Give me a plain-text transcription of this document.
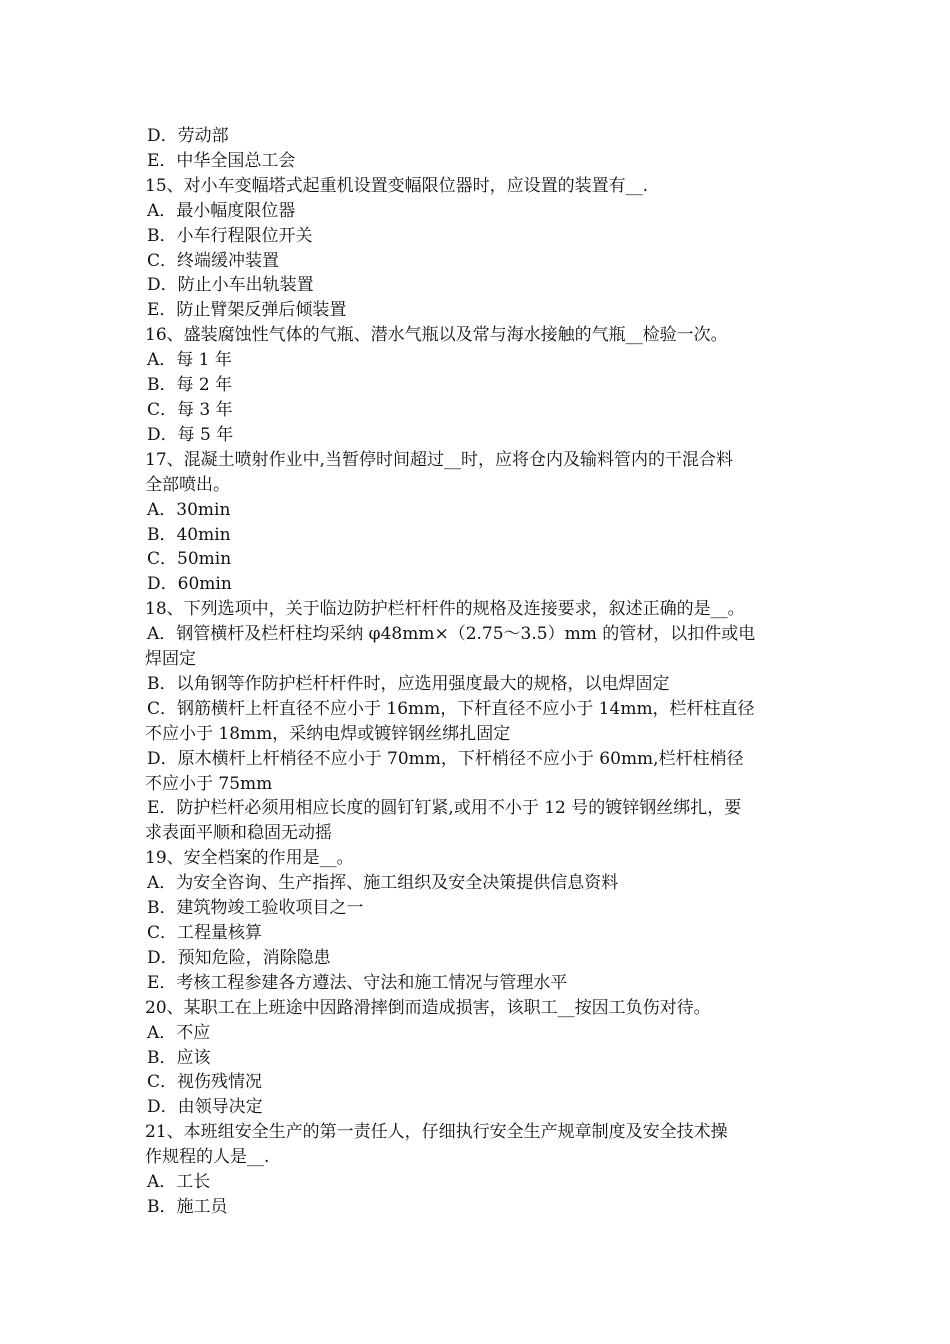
D．劳动部
E．中华全国总工会
15、对小车变幅塔式起重机设置变幅限位器时，应设置的装置有__.
A．最小幅度限位器
B．小车行程限位开关
C．终端缓冲装置
D．防止小车出轨装置
E．防止臂架反弹后倾装置
16、盛装腐蚀性气体的气瓶、潜水气瓶以及常与海水接触的气瓶__检验一次。
A．每 1 年
B．每 2 年
C．每 3 年
D．每 5 年
17、混凝土喷射作业中,当暂停时间超过__时，应将仓内及输料管内的干混合料
全部喷出。
A．30min
B．40min
C．50min
D．60min
18、下列选项中，关于临边防护栏杆杆件的规格及连接要求，叙述正确的是__。
A．钢管横杆及栏杆柱均采纳 φ48mm×（2.75～3.5）mm 的管材，以扣件或电
焊固定
B．以角钢等作防护栏杆杆件时，应选用强度最大的规格，以电焊固定
C．钢筋横杆上杆直径不应小于 16mm，下杆直径不应小于 14mm，栏杆柱直径
不应小于 18mm，采纳电焊或镀锌钢丝绑扎固定
D．原木横杆上杆梢径不应小于 70mm，下杆梢径不应小于 60mm,栏杆柱梢径
不应小于 75mm
E．防护栏杆必须用相应长度的圆钉钉紧,或用不小于 12 号的镀锌钢丝绑扎，要
求表面平顺和稳固无动摇
19、安全档案的作用是__。
A．为安全咨询、生产指挥、施工组织及安全决策提供信息资料
B．建筑物竣工验收项目之一
C．工程量核算
D．预知危险，消除隐患
E．考核工程参建各方遵法、守法和施工情况与管理水平
20、某职工在上班途中因路滑摔倒而造成损害，该职工__按因工负伤对待。
A．不应
B．应该
C．视伤残情况
D．由领导决定
21、本班组安全生产的第一责任人，仔细执行安全生产规章制度及安全技术操
作规程的人是__.
A．工长
B．施工员
